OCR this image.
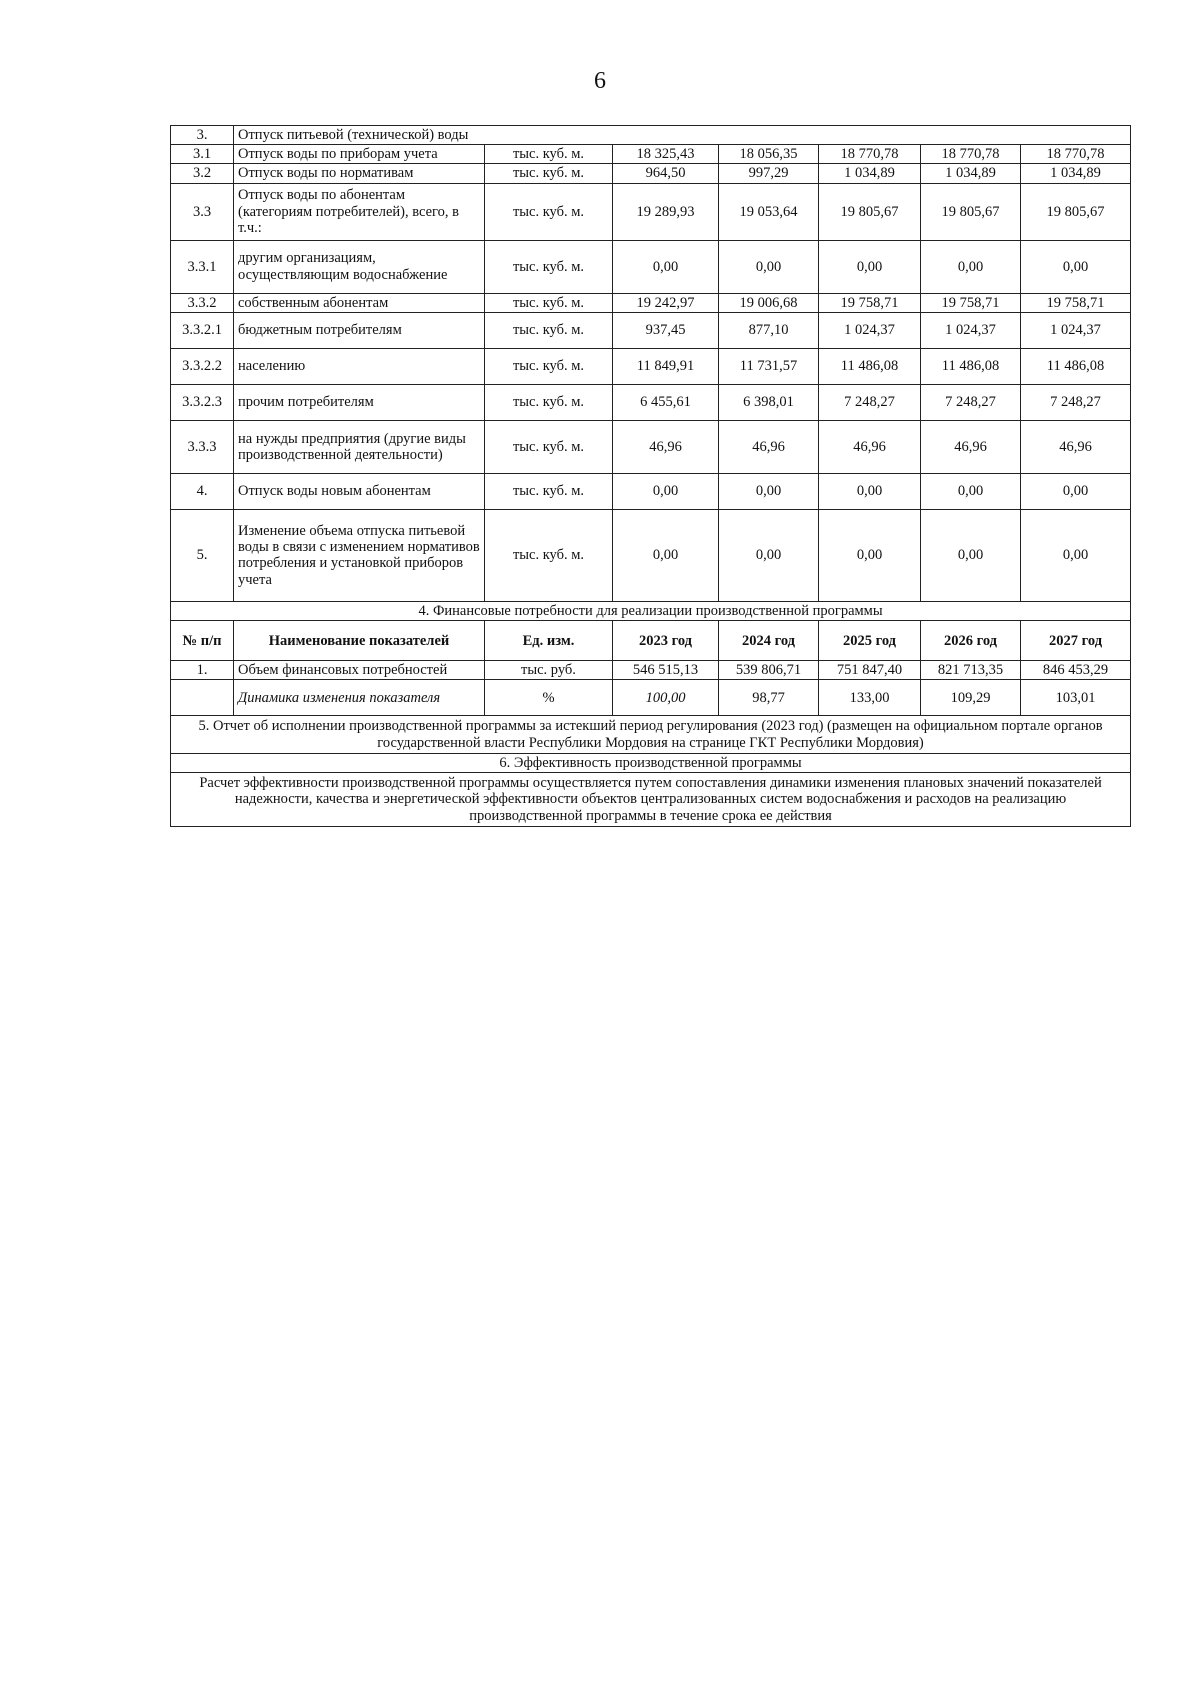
6
3.	Отпуск питьевой (технической) воды						
3.1	Отпуск воды по приборам учета	тыс. куб. м.	18 325,43	18 056,35	18 770,78	18 770,78	18 770,78
3.2	Отпуск воды по нормативам	тыс. куб. м.	964,50	997,29	1 034,89	1 034,89	1 034,89
3.3	Отпуск воды по абонентам (категориям потребителей), всего, в т.ч.:	тыс. куб. м.	19 289,93	19 053,64	19 805,67	19 805,67	19 805,67
3.3.1	другим организациям, осуществляющим водоснабжение	тыс. куб. м.	0,00	0,00	0,00	0,00	0,00
3.3.2	собственным абонентам	тыс. куб. м.	19 242,97	19 006,68	19 758,71	19 758,71	19 758,71
3.3.2.1	бюджетным потребителям	тыс. куб. м.	937,45	877,10	1 024,37	1 024,37	1 024,37
3.3.2.2	населению	тыс. куб. м.	11 849,91	11 731,57	11 486,08	11 486,08	11 486,08
3.3.2.3	прочим потребителям	тыс. куб. м.	6 455,61	6 398,01	7 248,27	7 248,27	7 248,27
3.3.3	на нужды предприятия (другие виды производственной деятельности)	тыс. куб. м.	46,96	46,96	46,96	46,96	46,96
4.	Отпуск воды новым абонентам	тыс. куб. м.	0,00	0,00	0,00	0,00	0,00
5.	Изменение объема отпуска питьевой воды в связи с изменением нормативов потребления и установкой приборов учета	тыс. куб. м.	0,00	0,00	0,00	0,00	0,00
4. Финансовые потребности для реализации производственной программы							
№ п/п	Наименование показателей	Ед. изм.	2023 год	2024 год	2025 год	2026 год	2027 год
1.	Объем финансовых потребностей	тыс. руб.	546 515,13	539 806,71	751 847,40	821 713,35	846 453,29
	Динамика изменения показателя	%	100,00	98,77	133,00	109,29	103,01
5. Отчет об исполнении производственной программы за истекший период регулирования (2023 год) (размещен на официальном портале органов государственной власти Республики Мордовия на странице ГКТ Республики Мордовия)							
6. Эффективность производственной программы							
Расчет эффективности производственной программы осуществляется путем сопоставления динамики изменения плановых значений показателей надежности, качества и энергетической эффективности объектов централизованных систем водоснабжения и расходов на реализацию производственной программы в течение срока ее действия							
